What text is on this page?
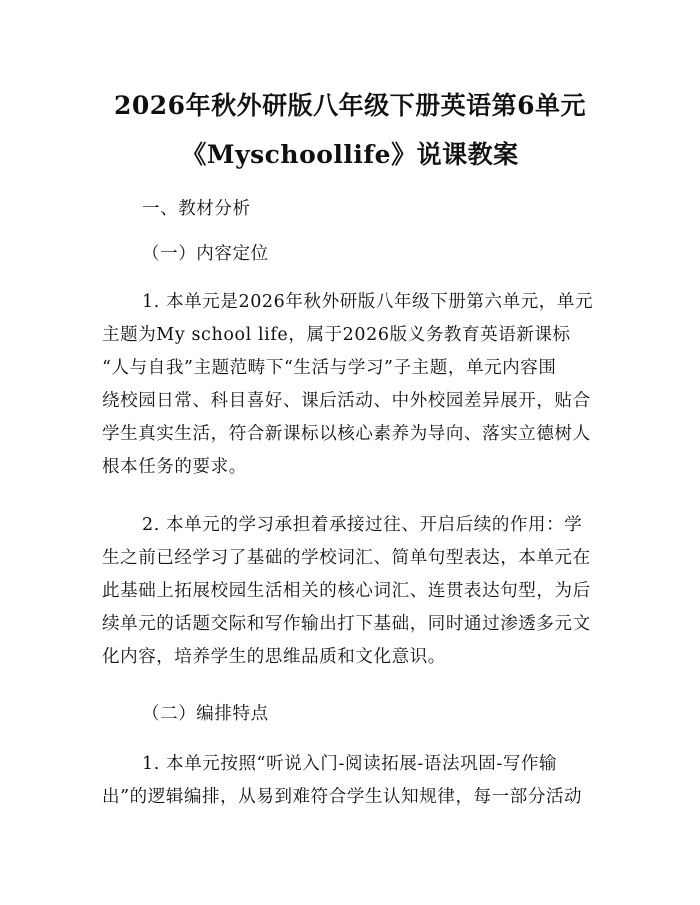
2026年秋外研版八年级下册英语第6单元
《Myschoollife》说课教案
一、教材分析
（一）内容定位
1. 本单元是2026年秋外研版八年级下册第六单元，单元
主题为My school life，属于2026版义务教育英语新课标
“人与自我”主题范畴下“生活与学习”子主题，单元内容围
绕校园日常、科目喜好、课后活动、中外校园差异展开，贴合
学生真实生活，符合新课标以核心素养为导向、落实立德树人
根本任务的要求。
2. 本单元的学习承担着承接过往、开启后续的作用：学
生之前已经学习了基础的学校词汇、简单句型表达，本单元在
此基础上拓展校园生活相关的核心词汇、连贯表达句型，为后
续单元的话题交际和写作输出打下基础，同时通过渗透多元文
化内容，培养学生的思维品质和文化意识。
（二）编排特点
1. 本单元按照“听说入门-阅读拓展-语法巩固-写作输
出”的逻辑编排，从易到难符合学生认知规律，每一部分活动
